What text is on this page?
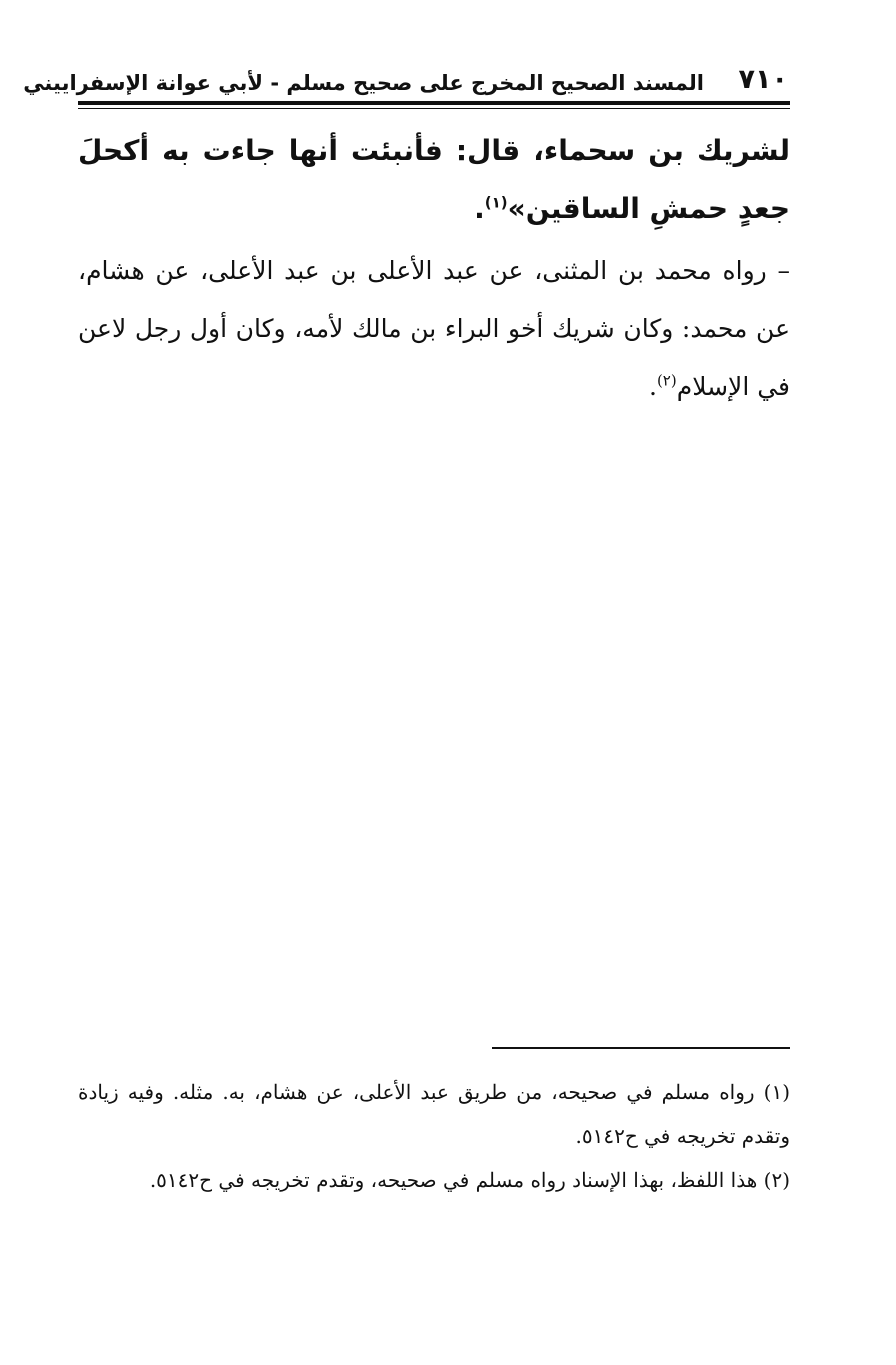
٧١٠
المسند الصحيح المخرج على صحيح مسلم - لأبي عوانة الإسفراييني

لشريك بن سحماء، قال: فأنبئت أنها جاءت به أكحلَ جعدٍ حمشِ الساقين»$^{(١)}$.

– رواه محمد بن المثنى، عن عبد الأعلى بن عبد الأعلى، عن هشام، عن محمد: وكان شريك أخو البراء بن مالك لأمه، وكان أول رجل لاعن في الإسلام$^{(٢)}$.

(١) رواه مسلم في صحيحه، من طريق عبد الأعلى، عن هشام، به. مثله. وفيه زيادة وتقدم تخريجه في ح٥١٤٢.

(٢) هذا اللفظ، بهذا الإسناد رواه مسلم في صحيحه، وتقدم تخريجه في ح٥١٤٢.
